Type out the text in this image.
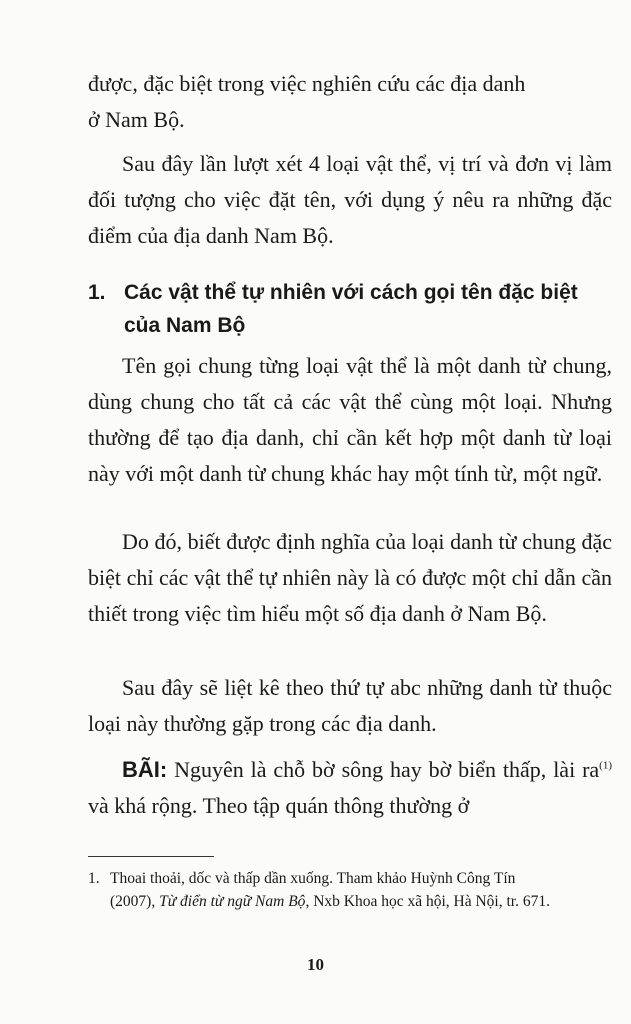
được, đặc biệt trong việc nghiên cứu các địa danh
ở Nam Bộ.

Sau đây lần lượt xét 4 loại vật thể, vị trí và đơn vị làm đối tượng cho việc đặt tên, với dụng ý nêu ra những đặc điểm của địa danh Nam Bộ.

1. Các vật thể tự nhiên với cách gọi tên đặc biệt
của Nam Bộ

Tên gọi chung từng loại vật thể là một danh từ chung, dùng chung cho tất cả các vật thể cùng một loại. Nhưng thường để tạo địa danh, chỉ cần kết hợp một danh từ loại này với một danh từ chung khác hay một tính từ, một ngữ.

Do đó, biết được định nghĩa của loại danh từ chung đặc biệt chỉ các vật thể tự nhiên này là có được một chỉ dẫn cần thiết trong việc tìm hiểu một số địa danh ở Nam Bộ.

Sau đây sẽ liệt kê theo thứ tự abc những danh từ thuộc loại này thường gặp trong các địa danh.

BÃI: Nguyên là chỗ bờ sông hay bờ biển thấp, lài $ra^{(1)}$ và khá rộng. Theo tập quán thông thường ở

1. Thoai thoải, dốc và thấp dần xuống. Tham khảo Huỳnh Công Tín
(2007), Từ điển từ ngữ Nam Bộ, Nxb Khoa học xã hội, Hà Nội, tr. 671.
10
